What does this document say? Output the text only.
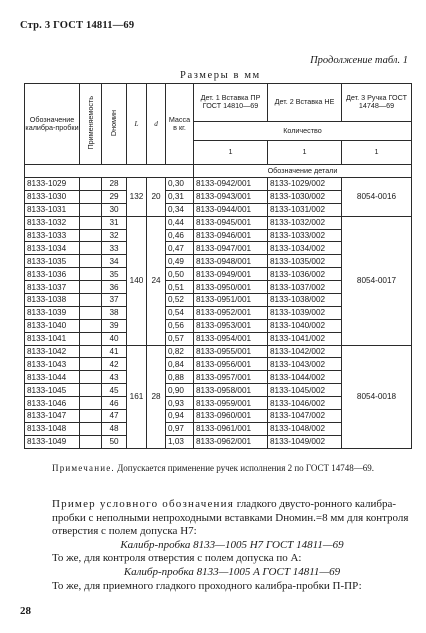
Стр. 3 ГОСТ 14811—69
Продолжение табл. 1
Размеры в мм
Обозначение калибра-пробки	Применяемость	Dномин	L	d	Масса в кг.	Дет. 1 Вставка ПР ГОСТ 14810—69	Дет. 2 Вставка НЕ	Дет. 3 Ручка ГОСТ 14748—69
						Количество		
						1	1	1
						Обозначение детали		
8133-1029		28	132	20	0,30	8133-0942/001	8133-1029/002	8054-0016
8133-1030		29			0,31	8133-0943/001	8133-1030/002	
8133-1031		30			0,34	8133-0944/001	8133-1031/002	
8133-1032		31	140	24	0,44	8133-0945/001	8133-1032/002	8054-0017
8133-1033		32			0,46	8133-0946/001	8133-1033/002	
8133-1034		33			0,47	8133-0947/001	8133-1034/002	
8133-1035		34			0,49	8133-0948/001	8133-1035/002	
8133-1036		35			0,50	8133-0949/001	8133-1036/002	
8133-1037		36			0,51	8133-0950/001	8133-1037/002	
8133-1038		37			0,52	8133-0951/001	8133-1038/002	
8133-1039		38			0,54	8133-0952/001	8133-1039/002	
8133-1040		39			0,56	8133-0953/001	8133-1040/002	
8133-1041		40			0,57	8133-0954/001	8133-1041/002	
8133-1042		41	161	28	0,82	8133-0955/001	8133-1042/002	8054-0018
8133-1043		42			0,84	8133-0956/001	8133-1043/002	
8133-1044		43			0,88	8133-0957/001	8133-1044/002	
8133-1045		45			0,90	8133-0958/001	8133-1045/002	
8133-1046		46			0,93	8133-0959/001	8133-1046/002	
8133-1047		47			0,94	8133-0960/001	8133-1047/002	
8133-1048		48			0,97	8133-0961/001	8133-1048/002	
8133-1049		50			1,03	8133-0962/001	8133-1049/002	
Примечание. Допускается применение ручек исполнения 2 по ГОСТ 14748—69.
Пример условного обозначения гладкого двусто-ронного калибра-пробки с неполными непроходными вставками Dномин.=8 мм для контроля отверстия с полем допуска H7:
Калибр-пробка 8133—1005 H7 ГОСТ 14811—69
То же, для контроля отверстия с полем допуска по A:
Калибр-пробка 8133—1005 A ГОСТ 14811—69
То же, для приемного гладкого проходного калибра-пробки П-ПР:
28
